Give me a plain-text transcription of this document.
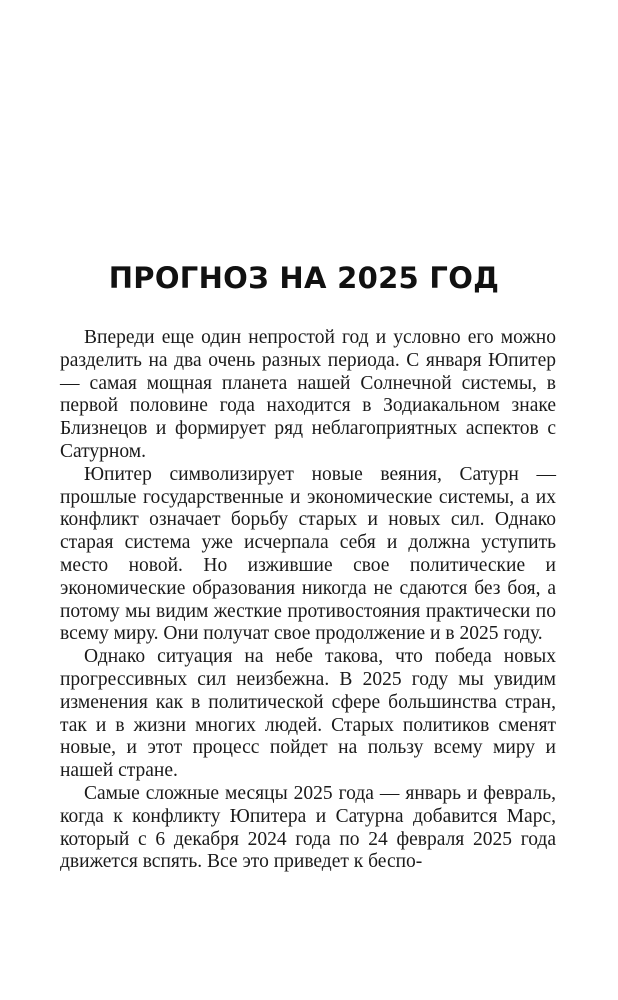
ПРОГНОЗ НА 2025 ГОД

Впереди еще один непростой год и условно его можно разделить на два очень разных периода. С января Юпитер — самая мощная планета нашей Солнечной системы, в первой половине года находится в Зодиакальном знаке Близнецов и формирует ряд неблагоприятных аспектов с Сатурном.

Юпитер символизирует новые веяния, Сатурн — прошлые государственные и экономические системы, а их конфликт означает борьбу старых и новых сил. Однако старая система уже исчерпала себя и должна уступить место новой. Но изжившие свое политические и экономические образования никогда не сдаются без боя, а потому мы видим жесткие противостояния практически по всему миру. Они получат свое продолжение и в 2025 году.

Однако ситуация на небе такова, что победа новых прогрессивных сил неизбежна. В 2025 году мы увидим изменения как в политической сфере большинства стран, так и в жизни многих людей. Старых политиков сменят новые, и этот процесс пойдет на пользу всему миру и нашей стране.

Самые сложные месяцы 2025 года — январь и февраль, когда к конфликту Юпитера и Сатурна добавится Марс, который с 6 декабря 2024 года по 24 февраля 2025 года движется вспять. Все это приведет к беспо-
